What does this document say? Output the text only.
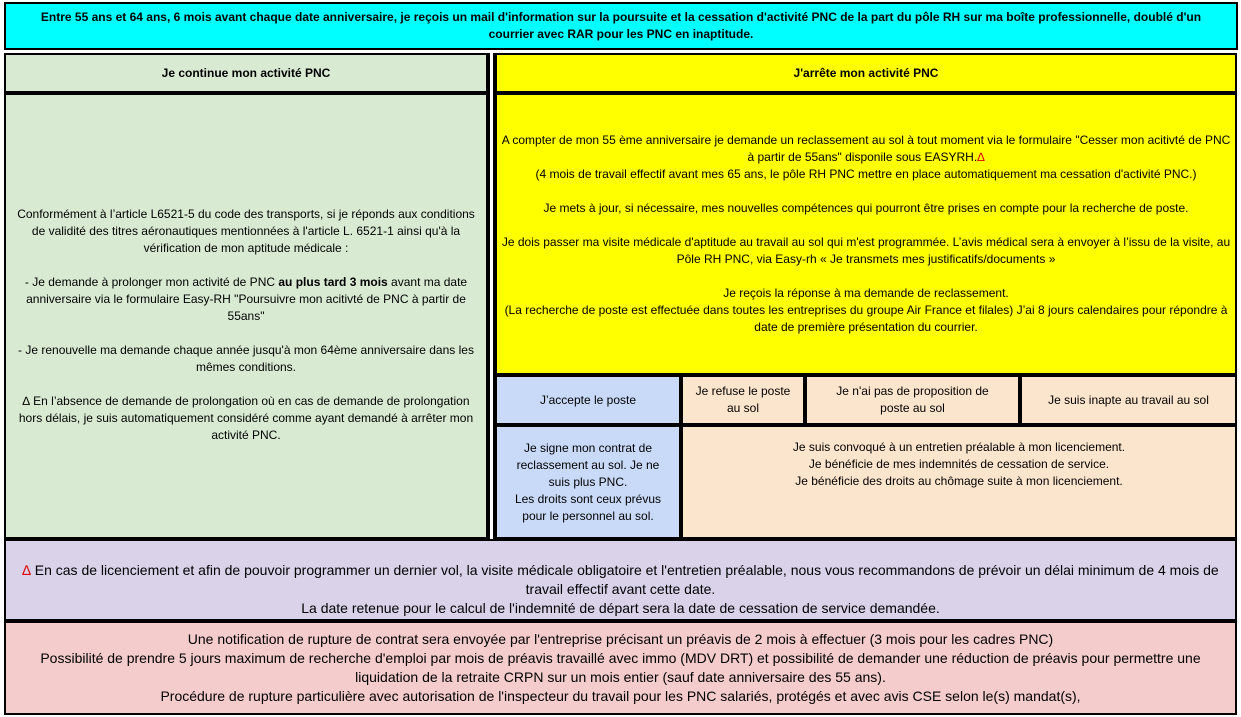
Entre 55 ans et 64 ans, 6 mois avant chaque date anniversaire, je reçois un mail d'information sur la poursuite et la cessation d'activité PNC de la part du pôle RH sur ma boîte professionnelle, doublé d'un courrier avec RAR pour les PNC en inaptitude.
Je continue mon activité PNC	J'arrête mon activité PNC

Conformément à l’article L6521-5 du code des transports, si je réponds aux conditions de validité des titres aéronautiques mentionnées à l'article L. 6521-1 ainsi qu'à la vérification de mon aptitude médicale :

- Je demande à prolonger mon activité de PNC au plus tard 3 mois avant ma date anniversaire via le formulaire Easy-RH "Poursuivre mon acitivté de PNC à partir de 55ans"

- Je renouvelle ma demande chaque année jusqu'à mon 64ème anniversaire dans les mêmes conditions.

∆ En l’absence de demande de prolongation où en cas de demande de prolongation hors délais, je suis automatiquement considéré comme ayant demandé à arrêter mon activité PNC.

A compter de mon 55 ème anniversaire je demande un reclassement au sol à tout moment via le formulaire "Cesser mon acitivté de PNC à partir de 55ans" disponile sous EASYRH.∆
(4 mois de travail effectif avant mes 65 ans, le pôle RH PNC mettre en place automatiquement ma cessation d'activité PNC.)

Je mets à jour, si nécessaire, mes nouvelles compétences qui pourront être prises en compte pour la recherche de poste.

Je dois passer ma visite médicale d'aptitude au travail au sol qui m'est programmée. L’avis médical sera à envoyer à l’issu de la visite, au Pôle RH PNC, via Easy-rh « Je transmets mes justificatifs/documents »

Je reçois la réponse à ma demande de reclassement.
(La recherche de poste est effectuée dans toutes les entreprises du groupe Air France et filales) J’ai 8 jours calendaires pour répondre à date de première présentation du courrier.

J’accepte le poste
Je refuse le poste
au sol
Je n'ai pas de proposition de
poste au sol
Je suis inapte au travail au sol
Je signe mon contrat de
reclassement au sol. Je ne
suis plus PNC.
Les droits sont ceux prévus
pour le personnel au sol.
Je suis convoqué à un entretien préalable à mon licenciement.
Je bénéficie de mes indemnités de cessation de service.
Je bénéficie des droits au chômage suite à mon licenciement.

∆ En cas de licenciement et afin de pouvoir programmer un dernier vol, la visite médicale obligatoire et l'entretien préalable, nous vous recommandons de prévoir un délai minimum de 4 mois de travail effectif avant cette date.
La date retenue pour le calcul de l'indemnité de départ sera la date de cessation de service demandée.

Une notification de rupture de contrat sera envoyée par l'entreprise précisant un préavis de 2 mois à effectuer (3 mois pour les cadres PNC)
Possibilité de prendre 5 jours maximum de recherche d'emploi par mois de préavis travaillé avec immo (MDV DRT) et possibilité de demander une réduction de préavis pour permettre une liquidation de la retraite CRPN sur un mois entier (sauf date anniversaire des 55 ans).
Procédure de rupture particulière avec autorisation de l'inspecteur du travail pour les PNC salariés, protégés et avec avis CSE selon le(s) mandat(s),
